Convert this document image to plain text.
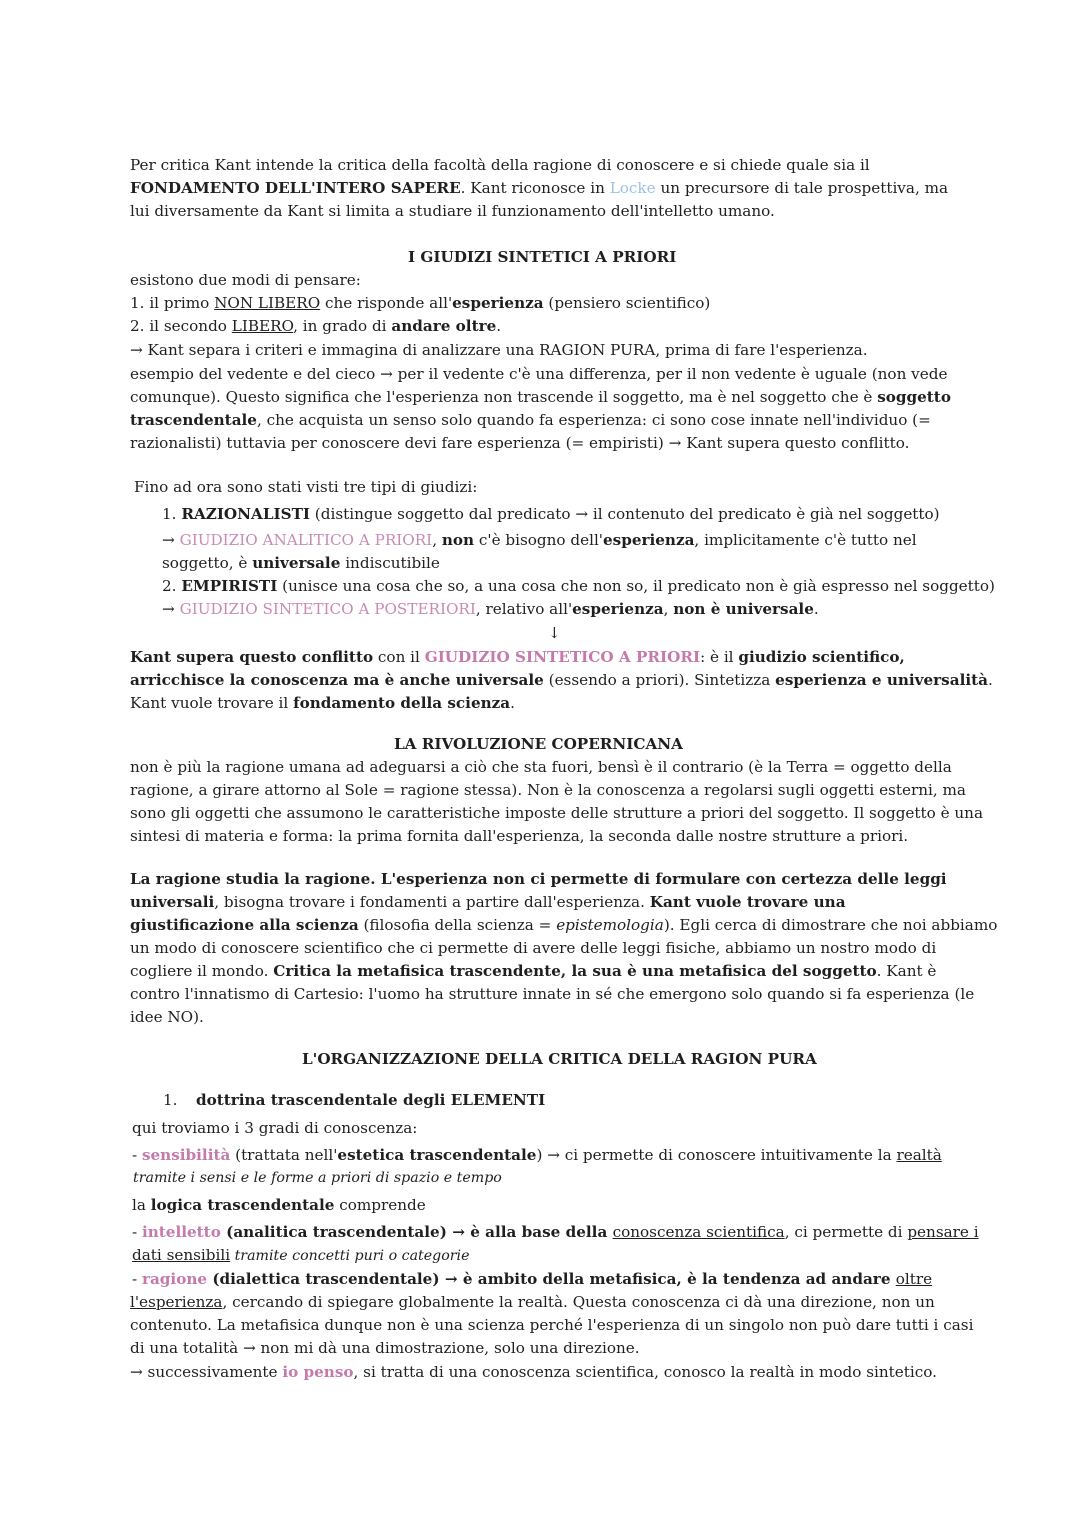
Per critica Kant intende la critica della facoltà della ragione di conoscere e si chiede quale sia il
FONDAMENTO DELL'INTERO SAPERE. Kant riconosce in Locke un precursore di tale prospettiva, ma
lui diversamente da Kant si limita a studiare il funzionamento dell'intelletto umano.
I GIUDIZI SINTETICI A PRIORI
esistono due modi di pensare:
1. il primo NON LIBERO che risponde all'esperienza (pensiero scientifico)
2. il secondo LIBERO, in grado di andare oltre.
→ Kant separa i criteri e immagina di analizzare una RAGION PURA, prima di fare l'esperienza.
esempio del vedente e del cieco → per il vedente c'è una differenza, per il non vedente è uguale (non vede
comunque). Questo significa che l'esperienza non trascende il soggetto, ma è nel soggetto che è soggetto
trascendentale, che acquista un senso solo quando fa esperienza: ci sono cose innate nell'individuo (=
razionalisti) tuttavia per conoscere devi fare esperienza (= empiristi) → Kant supera questo conflitto.
Fino ad ora sono stati visti tre tipi di giudizi:
1. RAZIONALISTI (distingue soggetto dal predicato → il contenuto del predicato è già nel soggetto)
→ GIUDIZIO ANALITICO A PRIORI, non c'è bisogno dell'esperienza, implicitamente c'è tutto nel
soggetto, è universale indiscutibile
2. EMPIRISTI (unisce una cosa che so, a una cosa che non so, il predicato non è già espresso nel soggetto)
→ GIUDIZIO SINTETICO A POSTERIORI, relativo all'esperienza, non è universale.
↓
Kant supera questo conflitto con il GIUDIZIO SINTETICO A PRIORI: è il giudizio scientifico,
arricchisce la conoscenza ma è anche universale (essendo a priori). Sintetizza esperienza e universalità.
Kant vuole trovare il fondamento della scienza.
LA RIVOLUZIONE COPERNICANA
non è più la ragione umana ad adeguarsi a ciò che sta fuori, bensì è il contrario (è la Terra = oggetto della
ragione, a girare attorno al Sole = ragione stessa). Non è la conoscenza a regolarsi sugli oggetti esterni, ma
sono gli oggetti che assumono le caratteristiche imposte delle strutture a priori del soggetto. Il soggetto è una
sintesi di materia e forma: la prima fornita dall'esperienza, la seconda dalle nostre strutture a priori.
La ragione studia la ragione. L'esperienza non ci permette di formulare con certezza delle leggi
universali, bisogna trovare i fondamenti a partire dall'esperienza. Kant vuole trovare una
giustificazione alla scienza (filosofia della scienza = epistemologia). Egli cerca di dimostrare che noi abbiamo
un modo di conoscere scientifico che ci permette di avere delle leggi fisiche, abbiamo un nostro modo di
cogliere il mondo. Critica la metafisica trascendente, la sua è una metafisica del soggetto. Kant è
contro l'innatismo di Cartesio: l'uomo ha strutture innate in sé che emergono solo quando si fa esperienza (le
idee NO).
L'ORGANIZZAZIONE DELLA CRITICA DELLA RAGION PURA
1. dottrina trascendentale degli ELEMENTI
qui troviamo i 3 gradi di conoscenza:
- sensibilità (trattata nell'estetica trascendentale) → ci permette di conoscere intuitivamente la realtà
tramite i sensi e le forme a priori di spazio e tempo
la logica trascendentale comprende
- intelletto (analitica trascendentale) → è alla base della conoscenza scientifica, ci permette di pensare i
dati sensibili tramite concetti puri o categorie
- ragione (dialettica trascendentale) → è ambito della metafisica, è la tendenza ad andare oltre
l'esperienza, cercando di spiegare globalmente la realtà. Questa conoscenza ci dà una direzione, non un
contenuto. La metafisica dunque non è una scienza perché l'esperienza di un singolo non può dare tutti i casi
di una totalità → non mi dà una dimostrazione, solo una direzione.
→ successivamente io penso, si tratta di una conoscenza scientifica, conosco la realtà in modo sintetico.
